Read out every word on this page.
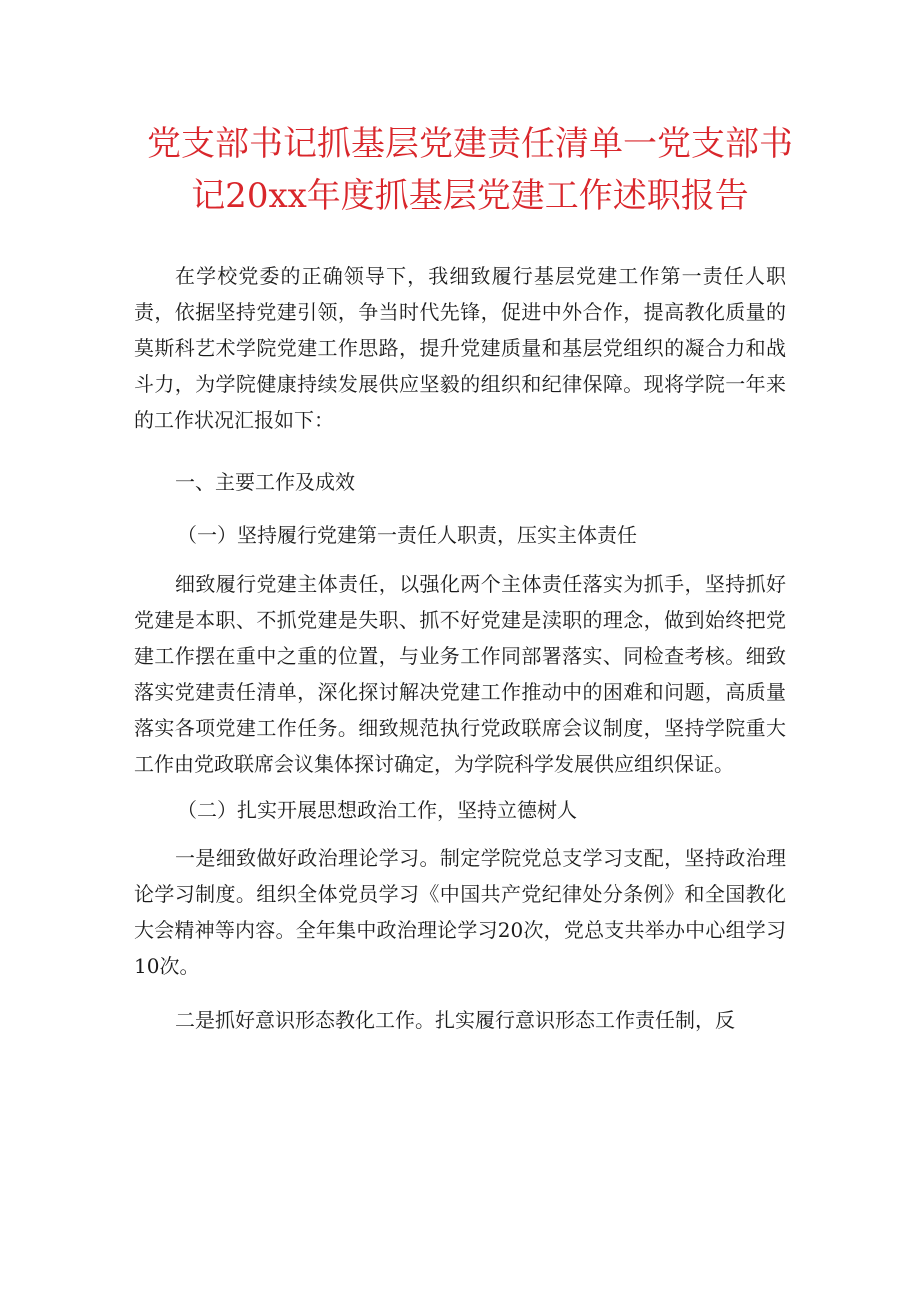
党支部书记抓基层党建责任清单一党支部书
记20xx年度抓基层党建工作述职报告

在学校党委的正确领导下，我细致履行基层党建工作第一责任人职责，依据坚持党建引领，争当时代先锋，促进中外合作，提高教化质量的莫斯科艺术学院党建工作思路，提升党建质量和基层党组织的凝合力和战斗力，为学院健康持续发展供应坚毅的组织和纪律保障。现将学院一年来的工作状况汇报如下：

一、主要工作及成效

（一）坚持履行党建第一责任人职责，压实主体责任

细致履行党建主体责任，以强化两个主体责任落实为抓手，坚持抓好党建是本职、不抓党建是失职、抓不好党建是渎职的理念，做到始终把党建工作摆在重中之重的位置，与业务工作同部署落实、同检查考核。细致落实党建责任清单，深化探讨解决党建工作推动中的困难和问题，高质量落实各项党建工作任务。细致规范执行党政联席会议制度，坚持学院重大工作由党政联席会议集体探讨确定，为学院科学发展供应组织保证。

（二）扎实开展思想政治工作，坚持立德树人

一是细致做好政治理论学习。制定学院党总支学习支配，坚持政治理论学习制度。组织全体党员学习《中国共产党纪律处分条例》和全国教化大会精神等内容。全年集中政治理论学习20次，党总支共举办中心组学习10次。

二是抓好意识形态教化工作。扎实履行意识形态工作责任制，反
